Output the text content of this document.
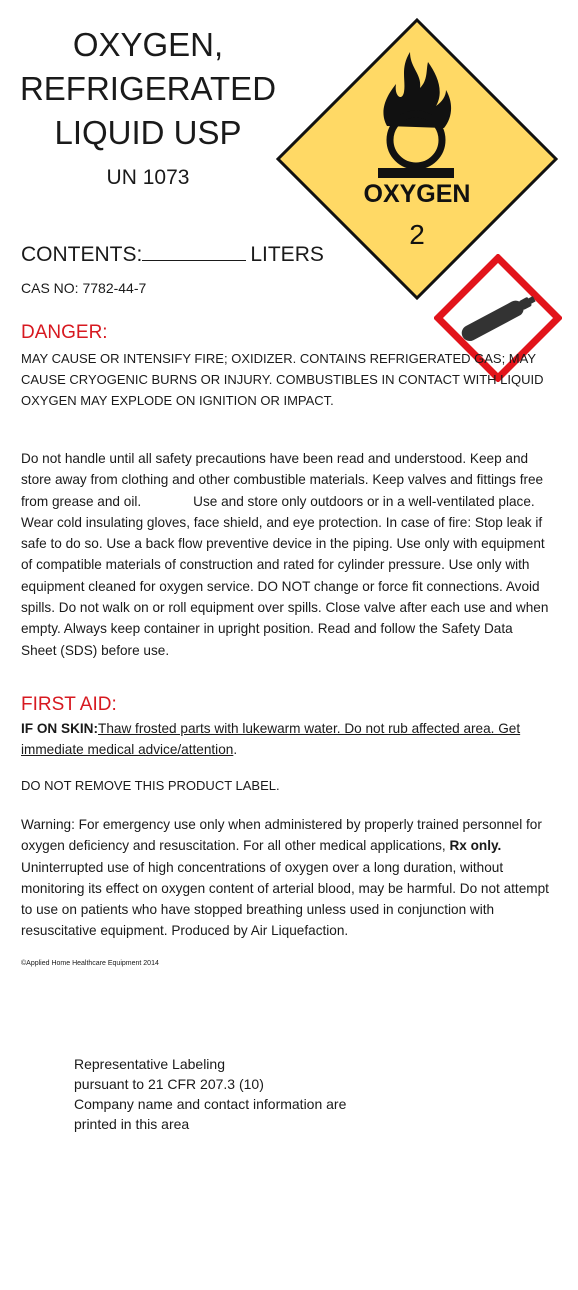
OXYGEN,
REFRIGERATED
LIQUID USP
UN 1073
OXYGEN
2
CONTENTS:	LITERS
CAS NO: 7782-44-7
DANGER:
MAY CAUSE OR INTENSIFY FIRE; OXIDIZER. CONTAINS REFRIGERATED GAS; MAY CAUSE CRYOGENIC BURNS OR INJURY. COMBUSTIBLES IN CONTACT WITH LIQUID OXYGEN MAY EXPLODE ON IGNITION OR IMPACT.
Do not handle until all safety precautions have been read and understood. Keep and store away from clothing and other combustible materials. Keep valves and fittings free from grease and oil.	Use and store only outdoors or in a well-ventilated place. Wear cold insulating gloves, face shield, and eye protection. In case of fire: Stop leak if safe to do so. Use a back flow preventive device in the piping. Use only with equipment of compatible materials of construction and rated for cylinder pressure. Use only with equipment cleaned for oxygen service. DO NOT change or force fit connections. Avoid spills. Do not walk on or roll equipment over spills. Close valve after each use and when empty. Always keep container in upright position. Read and follow the Safety Data Sheet (SDS) before use.
FIRST AID:
IF ON SKIN:Thaw frosted parts with lukewarm water. Do not rub affected area. Get immediate medical advice/attention.
DO NOT REMOVE THIS PRODUCT LABEL.
Warning: For emergency use only when administered by properly trained personnel for oxygen deficiency and resuscitation. For all other medical applications, Rx only. Uninterrupted use of high concentrations of oxygen over a long duration, without monitoring its effect on oxygen content of arterial blood, may be harmful. Do not attempt to use on patients who have stopped breathing unless used in conjunction with resuscitative equipment. Produced by Air Liquefaction.
©Applied Home Healthcare Equipment 2014
Representative Labeling
pursuant to 21 CFR 207.3 (10)
Company name and contact information are
printed in this area
